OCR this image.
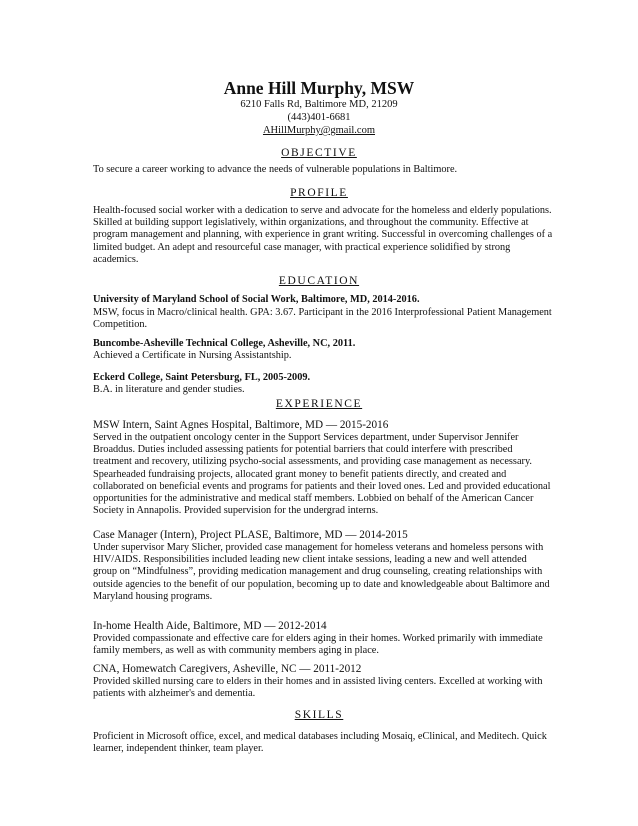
Anne Hill Murphy, MSW
6210 Falls Rd, Baltimore MD, 21209
(443)401-6681
AHillMurphy@gmail.com
OBJECTIVE

To secure a career working to advance the needs of vulnerable populations in Baltimore.

PROFILE

Health-focused social worker with a dedication to serve and advocate for the homeless and elderly populations. Skilled at building support legislatively, within organizations, and throughout the community. Effective at program management and planning, with experience in grant writing. Successful in overcoming challenges of a limited budget. An adept and resourceful case manager, with practical experience solidified by strong academics.

EDUCATION

University of Maryland School of Social Work, Baltimore, MD, 2014-2016.

MSW, focus in Macro/clinical health. GPA: 3.67. Participant in the 2016 Interprofessional Patient Management Competition.

Buncombe-Asheville Technical College, Asheville, NC, 2011.

Achieved a Certificate in Nursing Assistantship.

Eckerd College, Saint Petersburg, FL, 2005-2009.

B.A. in literature and gender studies.

EXPERIENCE

MSW Intern, Saint Agnes Hospital, Baltimore, MD — 2015-2016

Served in the outpatient oncology center in the Support Services department, under Supervisor Jennifer Broaddus. Duties included assessing patients for potential barriers that could interfere with prescribed treatment and recovery, utilizing psycho-social assessments, and providing case management as necessary. Spearheaded fundraising projects, allocated grant money to benefit patients directly, and created and collaborated on beneficial events and programs for patients and their loved ones. Led and provided educational opportunities for the administrative and medical staff members. Lobbied on behalf of the American Cancer Society in Annapolis. Provided supervision for the undergrad interns.

Case Manager (Intern), Project PLASE, Baltimore, MD — 2014-2015

Under supervisor Mary Slicher, provided case management for homeless veterans and homeless persons with HIV/AIDS. Responsibilities included leading new client intake sessions, leading a new and well attended group on “Mindfulness”, providing medication management and drug counseling, creating relationships with outside agencies to the benefit of our population, becoming up to date and knowledgeable about Baltimore and Maryland housing programs.

In-home Health Aide, Baltimore, MD — 2012-2014

Provided compassionate and effective care for elders aging in their homes. Worked primarily with immediate family members, as well as with community members aging in place.

CNA, Homewatch Caregivers, Asheville, NC — 2011-2012

Provided skilled nursing care to elders in their homes and in assisted living centers. Excelled at working with patients with alzheimer's and dementia.

SKILLS

Proficient in Microsoft office, excel, and medical databases including Mosaiq, eClinical, and Meditech. Quick learner, independent thinker, team player.
